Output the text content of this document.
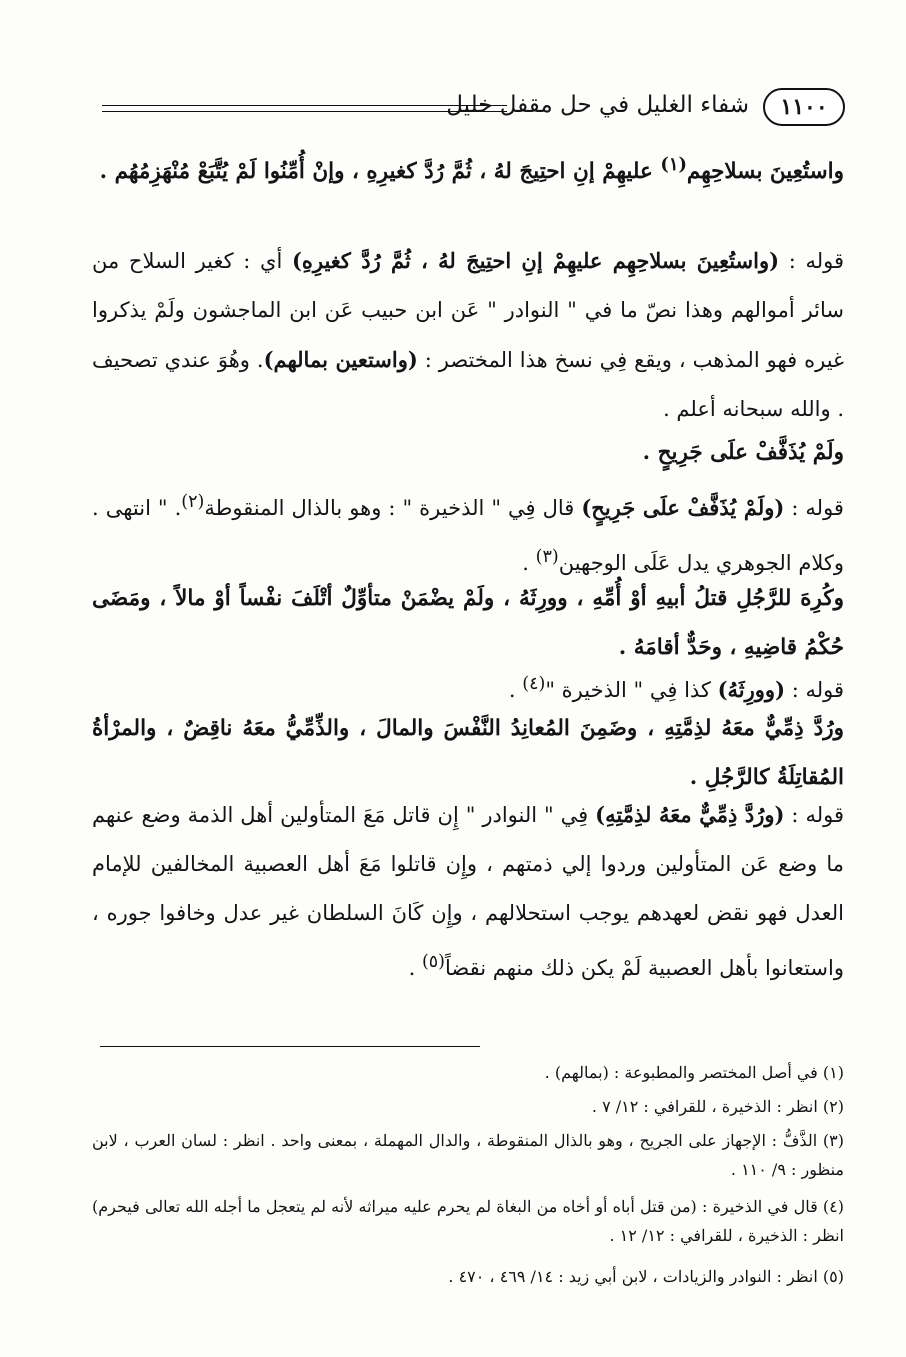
١١٠٠
شفاء الغليل في حل مقفل خليل
واستُعِينَ بسلاحِهِم$^{(١)}$ عليهِمْ إنِ احتِيجَ لهُ ، ثُمَّ رُدَّ كغيرِهِ ، وإنْ أُمِّنُوا لَمْ يُتَّبَعْ مُنْهَزِمُهُم .
قوله : (واستُعِينَ بسلاحِهِم عليهِمْ إنِ احتِيجَ لهُ ، ثُمَّ رُدَّ كغيرِهِ) أي : كغير السلاح من سائر أموالهم وهذا نصّ ما في " النوادر " عَن ابن حبيب عَن ابن الماجشون ولَمْ يذكروا غيره فهو المذهب ، ويقع فِي نسخ هذا المختصر : (واستعين بمالهم). وهُوَ عندي تصحيف . والله سبحانه أعلم .
ولَمْ يُذَفَّفْ علَى جَرِيحٍ .
قوله : (ولَمْ يُذَفَّفْ علَى جَرِيحٍ) قال فِي " الذخيرة " : وهو بالذال المنقوطة$^{(٢)}$. " انتهى . وكلام الجوهري يدل عَلَى الوجهين$^{(٣)}$ .
وكُرِهَ للرَّجُلِ قتلُ أبيهِ أوْ أُمِّهِ ، وورِثَهُ ، ولَمْ يضْمَنْ متأوِّلٌ أتْلَفَ نفْساً أوْ مالاً ، ومَضَى حُكْمُ قاضِيهِ ، وحَدٌّ أقامَهُ .
قوله : (وورِثَهُ) كذا فِي " الذخيرة "$^{(٤)}$ .
ورُدَّ ذِمِّيٌّ معَهُ لذِمَّتِهِ ، وضَمِنَ المُعانِدُ النَّفْسَ والمالَ ، والذِّمِّيُّ معَهُ ناقِضٌ ، والمرْأةُ المُقاتِلَةُ كالرَّجُلِ .
قوله : (ورُدَّ ذِمِّيٌّ معَهُ لذِمَّتِهِ) فِي " النوادر " إِن قاتل مَعَ المتأولين أهل الذمة وضع عنهم ما وضع عَن المتأولين وردوا إلي ذمتهم ، وإِن قاتلوا مَعَ أهل العصبية المخالفين للإمام العدل فهو نقض لعهدهم يوجب استحلالهم ، وإِن كَانَ السلطان غير عدل وخافوا جوره ، واستعانوا بأهل العصبية لَمْ يكن ذلك منهم نقضاً$^{(٥)}$ .
(١) في أصل المختصر والمطبوعة : (بمالهم) .
(٢) انظر : الذخيرة ، للقرافي : ١٢/ ٧ .
(٣) الذَّفُّ : الإجهاز على الجريح ، وهو بالذال المنقوطة ، والدال المهملة ، بمعنى واحد . انظر : لسان العرب ، لابن منظور : ٩/ ١١٠ .
(٤) قال في الذخيرة : (من قتل أباه أو أخاه من البغاة لم يحرم عليه ميراثه لأنه لم يتعجل ما أجله الله تعالى فيحرم) انظر : الذخيرة ، للقرافي : ١٢/ ١٢ .
(٥) انظر : النوادر والزيادات ، لابن أبي زيد : ١٤/ ٤٦٩ ، ٤٧٠ .
